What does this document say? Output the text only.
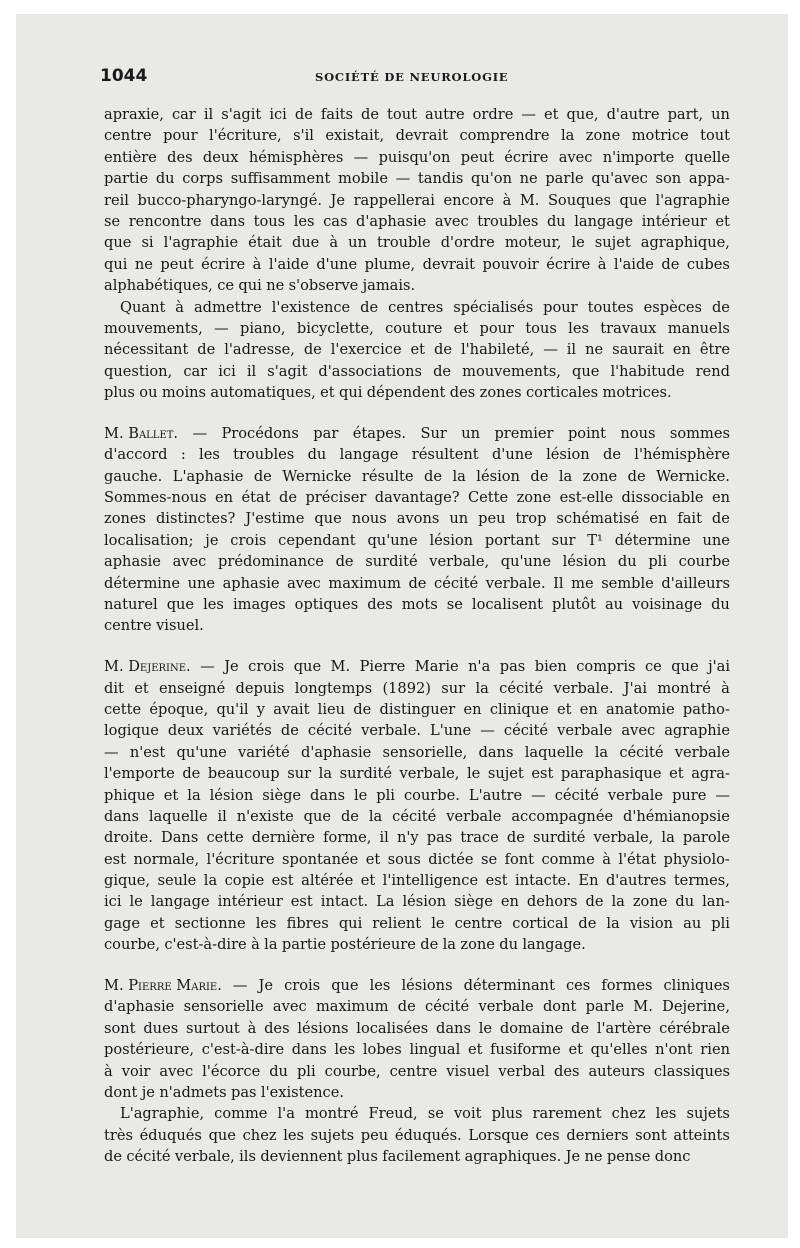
1044	SOCIÉTÉ DE NEUROLOGIE
apraxie, car il s'agit ici de faits de tout autre ordre — et que, d'autre part, un
centre pour l'écriture, s'il existait, devrait comprendre la zone motrice tout
entière des deux hémisphères — puisqu'on peut écrire avec n'importe quelle
partie du corps suffisamment mobile — tandis qu'on ne parle qu'avec son appa-
reil bucco-pharyngo-laryngé. Je rappellerai encore à M. Souques que l'agraphie
se rencontre dans tous les cas d'aphasie avec troubles du langage intérieur et
que si l'agraphie était due à un trouble d'ordre moteur, le sujet agraphique,
qui ne peut écrire à l'aide d'une plume, devrait pouvoir écrire à l'aide de cubes
alphabétiques, ce qui ne s'observe jamais.
Quant à admettre l'existence de centres spécialisés pour toutes espèces de
mouvements, — piano, bicyclette, couture et pour tous les travaux manuels
nécessitant de l'adresse, de l'exercice et de l'habileté, — il ne saurait en être
question, car ici il s'agit d'associations de mouvements, que l'habitude rend
plus ou moins automatiques, et qui dépendent des zones corticales motrices.
M. Ballet. — Procédons par étapes. Sur un premier point nous sommes
d'accord : les troubles du langage résultent d'une lésion de l'hémisphère
gauche. L'aphasie de Wernicke résulte de la lésion de la zone de Wernicke.
Sommes-nous en état de préciser davantage? Cette zone est-elle dissociable en
zones distinctes? J'estime que nous avons un peu trop schématisé en fait de
localisation; je crois cependant qu'une lésion portant sur T¹ détermine une
aphasie avec prédominance de surdité verbale, qu'une lésion du pli courbe
détermine une aphasie avec maximum de cécité verbale. Il me semble d'ailleurs
naturel que les images optiques des mots se localisent plutôt au voisinage du
centre visuel.
M. Dejerine. — Je crois que M. Pierre Marie n'a pas bien compris ce que j'ai
dit et enseigné depuis longtemps (1892) sur la cécité verbale. J'ai montré à
cette époque, qu'il y avait lieu de distinguer en clinique et en anatomie patho-
logique deux variétés de cécité verbale. L'une — cécité verbale avec agraphie
— n'est qu'une variété d'aphasie sensorielle, dans laquelle la cécité verbale
l'emporte de beaucoup sur la surdité verbale, le sujet est paraphasique et agra-
phique et la lésion siège dans le pli courbe. L'autre — cécité verbale pure —
dans laquelle il n'existe que de la cécité verbale accompagnée d'hémianopsie
droite. Dans cette dernière forme, il n'y pas trace de surdité verbale, la parole
est normale, l'écriture spontanée et sous dictée se font comme à l'état physiolo-
gique, seule la copie est altérée et l'intelligence est intacte. En d'autres termes,
ici le langage intérieur est intact. La lésion siège en dehors de la zone du lan-
gage et sectionne les fibres qui relient le centre cortical de la vision au pli
courbe, c'est-à-dire à la partie postérieure de la zone du langage.
M. Pierre Marie. — Je crois que les lésions déterminant ces formes cliniques
d'aphasie sensorielle avec maximum de cécité verbale dont parle M. Dejerine,
sont dues surtout à des lésions localisées dans le domaine de l'artère cérébrale
postérieure, c'est-à-dire dans les lobes lingual et fusiforme et qu'elles n'ont rien
à voir avec l'écorce du pli courbe, centre visuel verbal des auteurs classiques
dont je n'admets pas l'existence.
L'agraphie, comme l'a montré Freud, se voit plus rarement chez les sujets
très éduqués que chez les sujets peu éduqués. Lorsque ces derniers sont atteints
de cécité verbale, ils deviennent plus facilement agraphiques. Je ne pense donc
